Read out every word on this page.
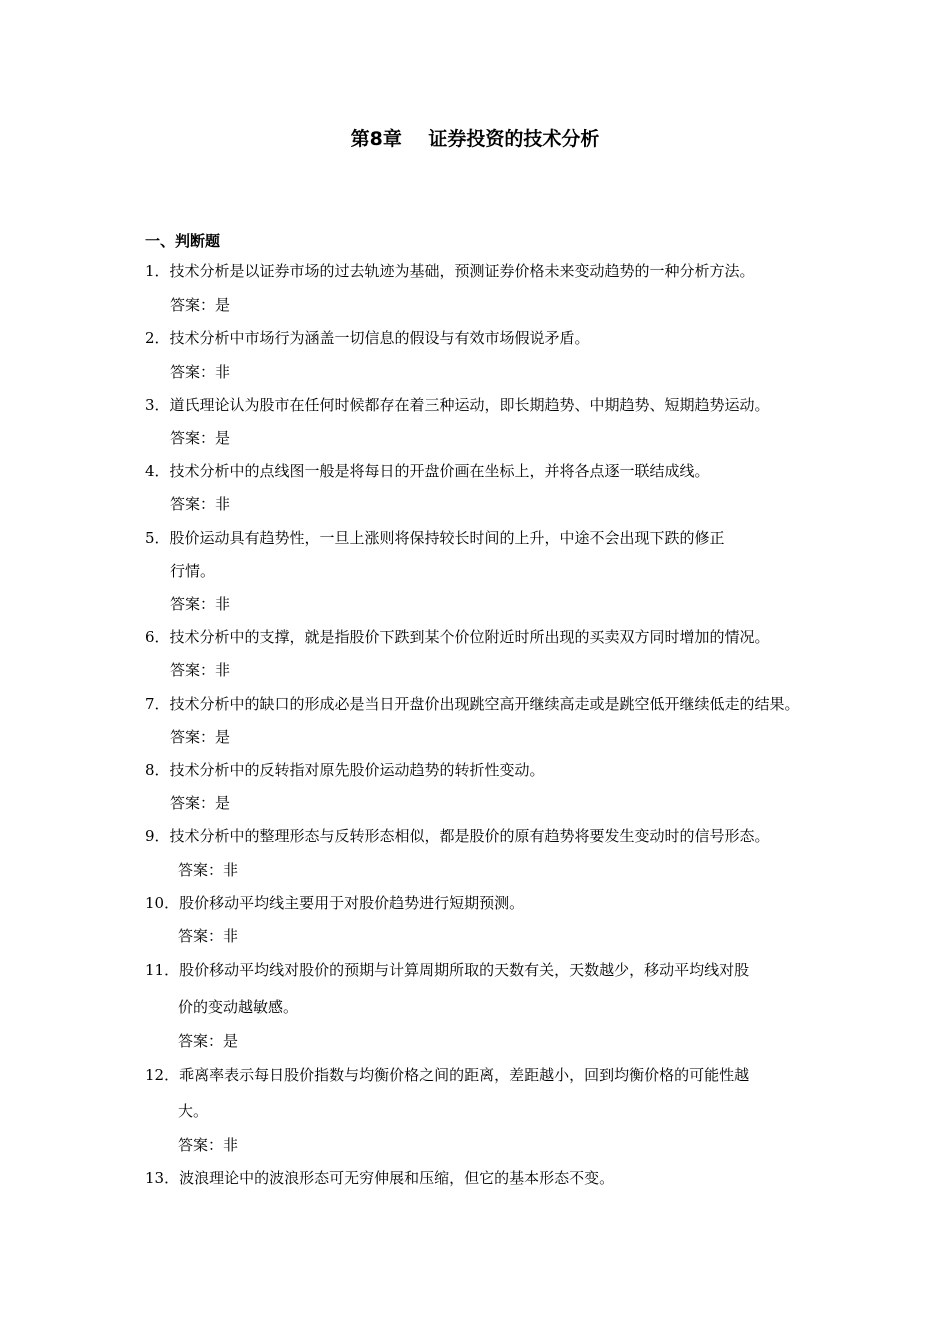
第8章    证券投资的技术分析
一、判断题
1．技术分析是以证券市场的过去轨迹为基础，预测证券价格未来变动趋势的一种分析方法。
答案：是
2．技术分析中市场行为涵盖一切信息的假设与有效市场假说矛盾。
答案：非
3．道氏理论认为股市在任何时候都存在着三种运动，即长期趋势、中期趋势、短期趋势运动。
答案：是
4．技术分析中的点线图一般是将每日的开盘价画在坐标上，并将各点逐一联结成线。
答案：非
5．股价运动具有趋势性，一旦上涨则将保持较长时间的上升，中途不会出现下跌的修正
行情。
答案：非
6．技术分析中的支撑，就是指股价下跌到某个价位附近时所出现的买卖双方同时增加的情况。
答案：非
7．技术分析中的缺口的形成必是当日开盘价出现跳空高开继续高走或是跳空低开继续低走的结果。
答案：是
8．技术分析中的反转指对原先股价运动趋势的转折性变动。
答案：是
9．技术分析中的整理形态与反转形态相似，都是股价的原有趋势将要发生变动时的信号形态。
答案：非
10．股价移动平均线主要用于对股价趋势进行短期预测。
答案：非
11．股价移动平均线对股价的预期与计算周期所取的天数有关，天数越少，移动平均线对股
价的变动越敏感。
答案：是
12．乖离率表示每日股价指数与均衡价格之间的距离，差距越小，回到均衡价格的可能性越
大。
答案：非
13．波浪理论中的波浪形态可无穷伸展和压缩，但它的基本形态不变。
